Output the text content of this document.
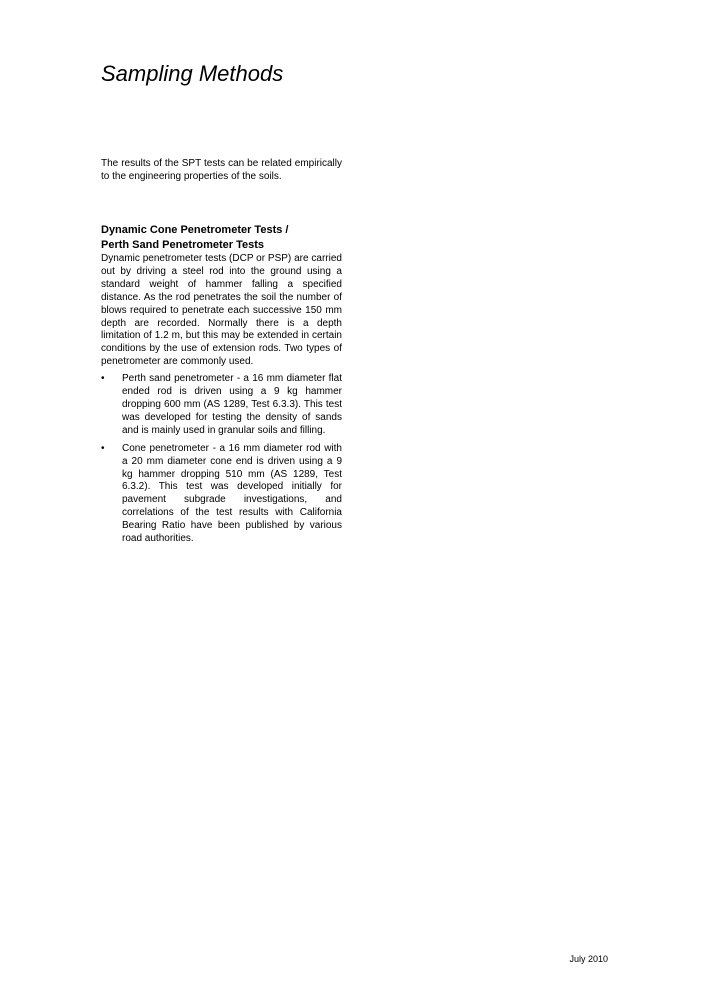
Sampling Methods

The results of the SPT tests can be related empirically to the engineering properties of the soils.

Dynamic Cone Penetrometer Tests /
Perth Sand Penetrometer Tests

Dynamic penetrometer tests (DCP or PSP) are carried out by driving a steel rod into the ground using a standard weight of hammer falling a specified distance. As the rod penetrates the soil the number of blows required to penetrate each successive 150 mm depth are recorded. Normally there is a depth limitation of 1.2 m, but this may be extended in certain conditions by the use of extension rods. Two types of penetrometer are commonly used.

•	Perth sand penetrometer - a 16 mm diameter flat ended rod is driven using a 9 kg hammer dropping 600 mm (AS 1289, Test 6.3.3). This test was developed for testing the density of sands and is mainly used in granular soils and filling.
•	Cone penetrometer - a 16 mm diameter rod with a 20 mm diameter cone end is driven using a 9 kg hammer dropping 510 mm (AS 1289, Test 6.3.2). This test was developed initially for pavement subgrade investigations, and correlations of the test results with California Bearing Ratio have been published by various road authorities.
July 2010
